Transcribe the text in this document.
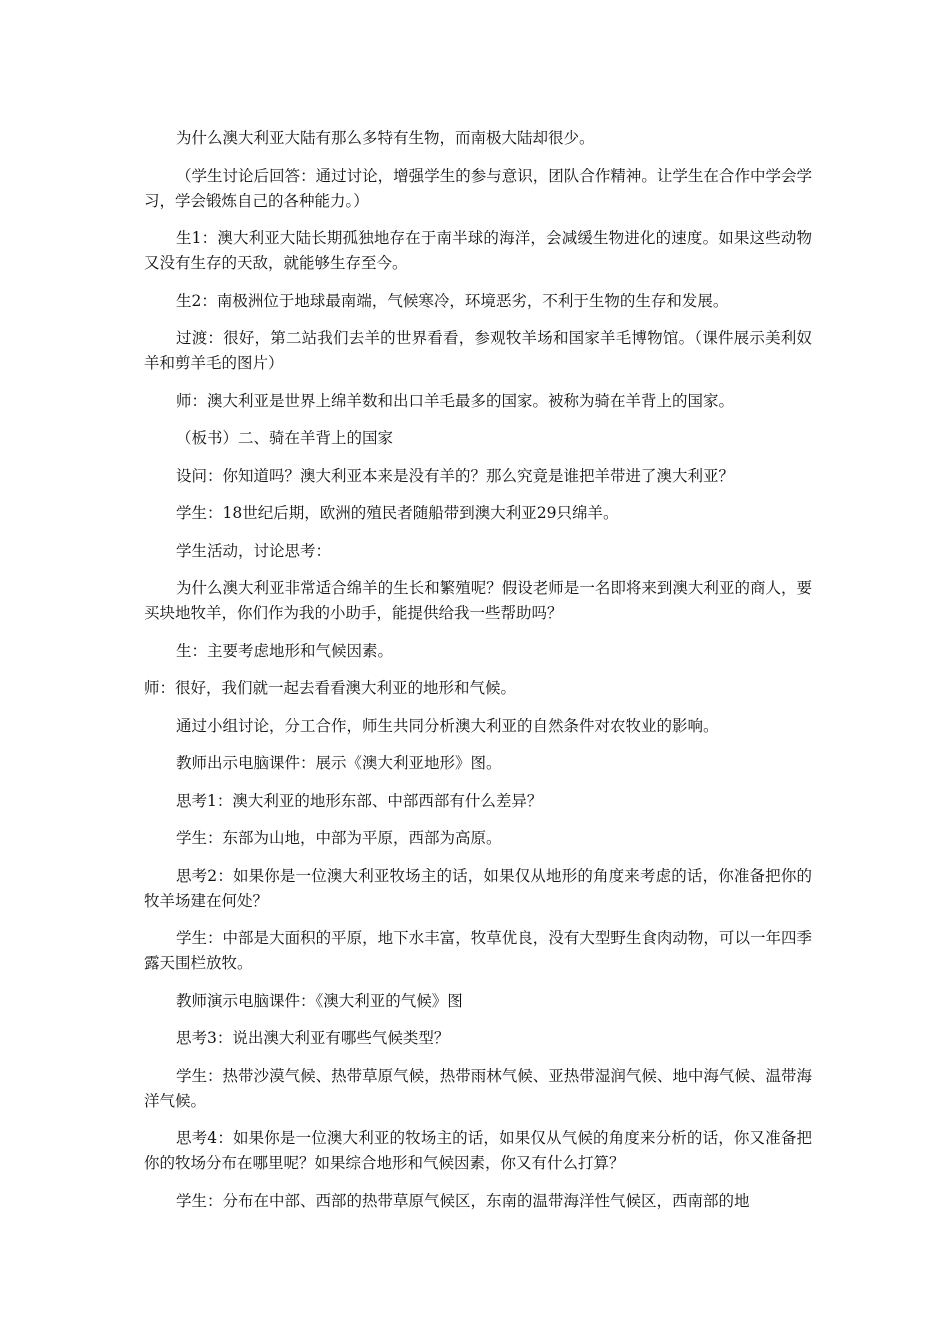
为什么澳大利亚大陆有那么多特有生物，而南极大陆却很少。

（学生讨论后回答：通过讨论，增强学生的参与意识，团队合作精神。让学生在合作中学会学习，学会锻炼自己的各种能力。）

生1：澳大利亚大陆长期孤独地存在于南半球的海洋，会减缓生物进化的速度。如果这些动物又没有生存的天敌，就能够生存至今。

生2：南极洲位于地球最南端，气候寒冷，环境恶劣，不利于生物的生存和发展。

过渡：很好，第二站我们去羊的世界看看，参观牧羊场和国家羊毛博物馆。（课件展示美利奴羊和剪羊毛的图片）

师：澳大利亚是世界上绵羊数和出口羊毛最多的国家。被称为骑在羊背上的国家。

（板书）二、骑在羊背上的国家

设问：你知道吗？澳大利亚本来是没有羊的？那么究竟是谁把羊带进了澳大利亚？

学生：18世纪后期，欧洲的殖民者随船带到澳大利亚29只绵羊。

学生活动，讨论思考：

为什么澳大利亚非常适合绵羊的生长和繁殖呢？假设老师是一名即将来到澳大利亚的商人，要买块地牧羊，你们作为我的小助手，能提供给我一些帮助吗？

生：主要考虑地形和气候因素。

师：很好，我们就一起去看看澳大利亚的地形和气候。

通过小组讨论，分工合作，师生共同分析澳大利亚的自然条件对农牧业的影响。

教师出示电脑课件：展示《澳大利亚地形》图。

思考1：澳大利亚的地形东部、中部西部有什么差异？

学生：东部为山地，中部为平原，西部为高原。

思考2：如果你是一位澳大利亚牧场主的话，如果仅从地形的角度来考虑的话，你准备把你的牧羊场建在何处？

学生：中部是大面积的平原，地下水丰富，牧草优良，没有大型野生食肉动物，可以一年四季露天围栏放牧。

教师演示电脑课件：《澳大利亚的气候》图

思考3：说出澳大利亚有哪些气候类型？

学生：热带沙漠气候、热带草原气候，热带雨林气候、亚热带湿润气候、地中海气候、温带海洋气候。

思考4：如果你是一位澳大利亚的牧场主的话，如果仅从气候的角度来分析的话，你又准备把你的牧场分布在哪里呢？如果综合地形和气候因素，你又有什么打算？

学生：分布在中部、西部的热带草原气候区，东南的温带海洋性气候区，西南部的地
